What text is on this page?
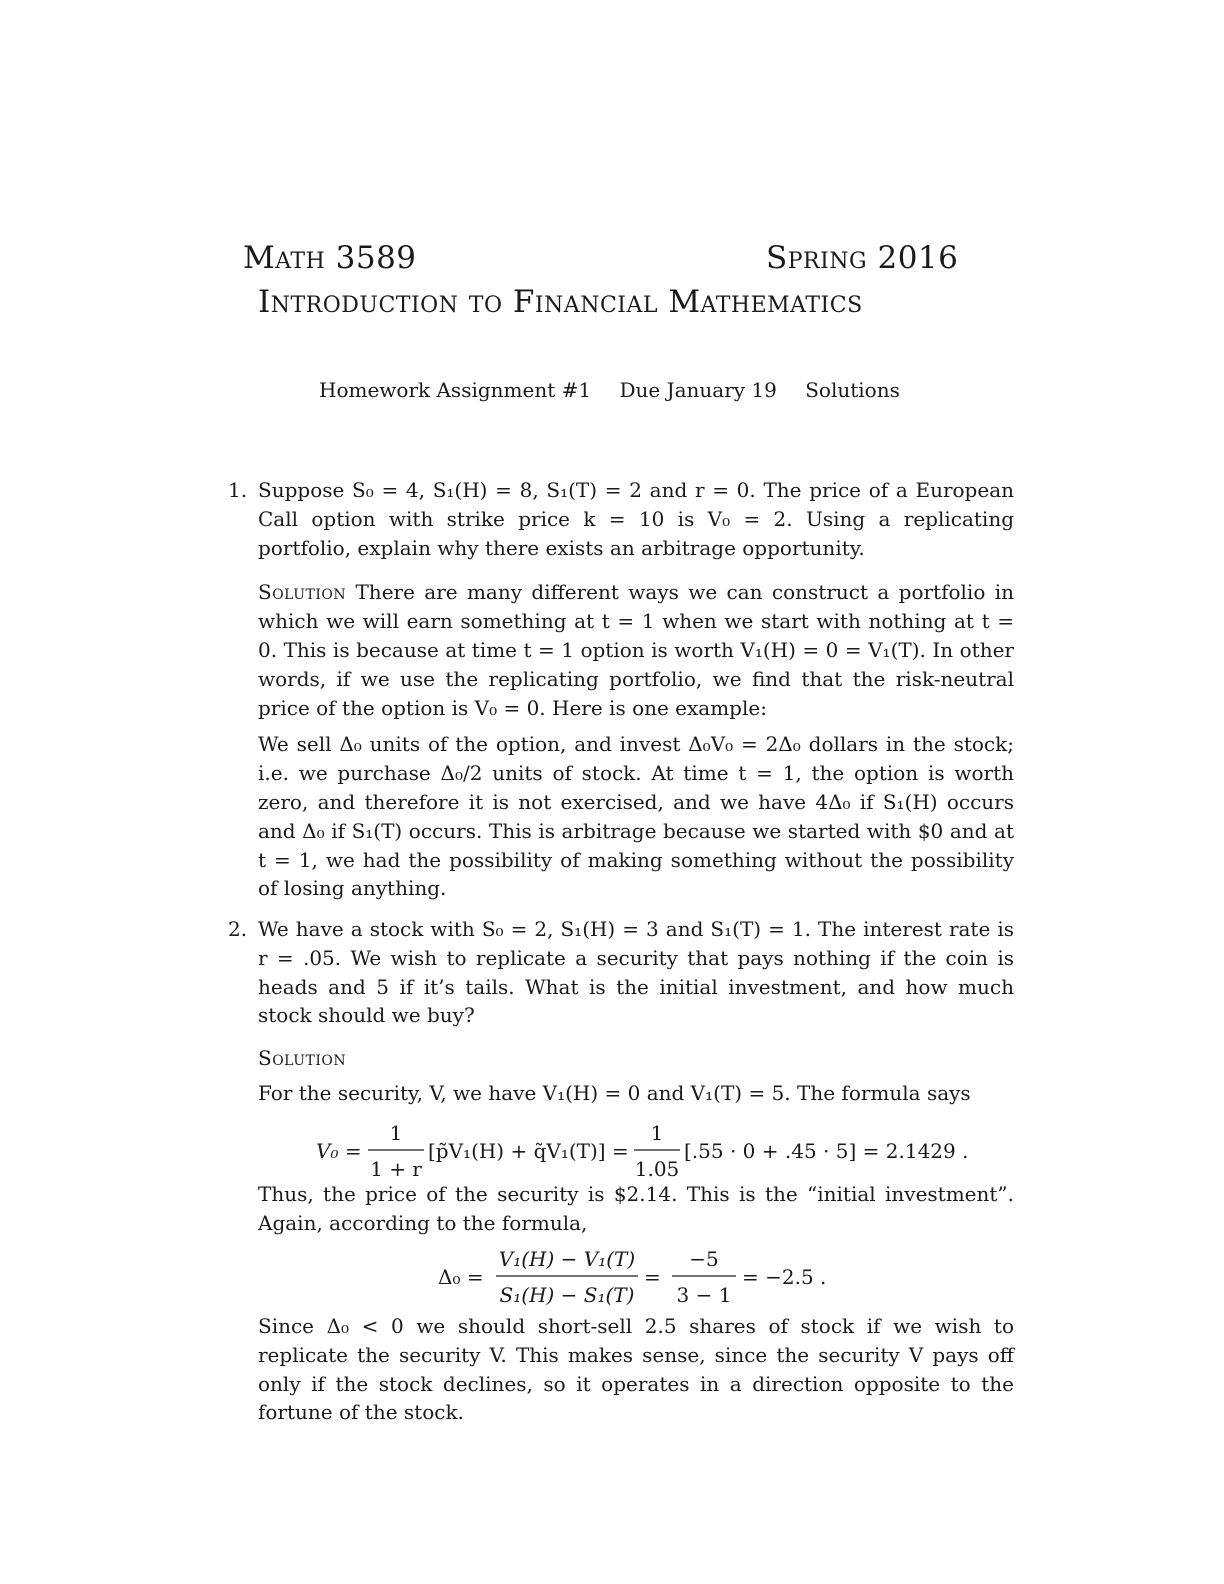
Math 3589	Spring 2016
Introduction to Financial Mathematics
Homework Assignment #1 Due January 19 Solutions
1. Suppose S₀ = 4, S₁(H) = 8, S₁(T) = 2 and r = 0. The price of a European Call option with strike price k = 10 is V₀ = 2. Using a replicating portfolio, explain why there exists an arbitrage opportunity.

Solution There are many different ways we can construct a portfolio in which we will earn something at t = 1 when we start with nothing at t = 0. This is because at time t = 1 option is worth V₁(H) = 0 = V₁(T). In other words, if we use the replicating portfolio, we find that the risk-neutral price of the option is V₀ = 0. Here is one example:

We sell Δ₀ units of the option, and invest Δ₀V₀ = 2Δ₀ dollars in the stock; i.e. we purchase Δ₀/2 units of stock. At time t = 1, the option is worth zero, and therefore it is not exercised, and we have 4Δ₀ if S₁(H) occurs and Δ₀ if S₁(T) occurs. This is arbitrage because we started with $0 and at t = 1, we had the possibility of making something without the possibility of losing anything.

2. We have a stock with S₀ = 2, S₁(H) = 3 and S₁(T) = 1. The interest rate is r = .05. We wish to replicate a security that pays nothing if the coin is heads and 5 if it’s tails. What is the initial investment, and how much stock should we buy?

Solution

For the security, V, we have V₁(H) = 0 and V₁(T) = 5. The formula says

V₀ =
1
1 + r
[p̃V₁(H) + q̃V₁(T)] =
1
1.05
[.55 · 0 + .45 · 5] = 2.1429 .

Thus, the price of the security is $2.14. This is the “initial investment”. Again, according to the formula,

Δ₀ =
V₁(H) − V₁(T)
S₁(H) − S₁(T)
=
−5
3 − 1
= −2.5 .

Since Δ₀ < 0 we should short-sell 2.5 shares of stock if we wish to replicate the security V. This makes sense, since the security V pays off only if the stock declines, so it operates in a direction opposite to the fortune of the stock.
